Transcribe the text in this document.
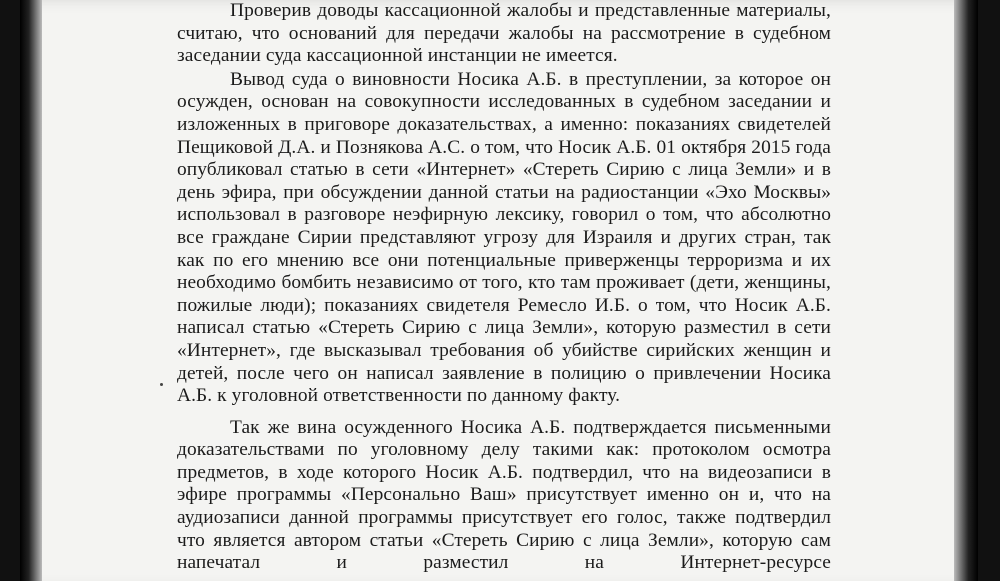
Проверив доводы кассационной жалобы и представленные материалы, считаю, что оснований для передачи жалобы на рассмотрение в судебном заседании суда кассационной инстанции не имеется.

Вывод суда о виновности Носика А.Б. в преступлении, за которое он осужден, основан на совокупности исследованных в судебном заседании и изложенных в приговоре доказательствах, а именно: показаниях свидетелей Пещиковой Д.А. и Познякова А.С. о том, что Носик А.Б. 01 октября 2015 года опубликовал статью в сети «Интернет» «Стереть Сирию с лица Земли» и в день эфира, при обсуждении данной статьи на радиостанции «Эхо Москвы» использовал в разговоре неэфирную лексику, говорил о том, что абсолютно все граждане Сирии представляют угрозу для Израиля и других стран, так как по его мнению все они потенциальные приверженцы терроризма и их необходимо бомбить независимо от того, кто там проживает (дети, женщины, пожилые люди); показаниях свидетеля Ремесло И.Б. о том, что Носик А.Б. написал статью «Стереть Сирию с лица Земли», которую разместил в сети «Интернет», где высказывал требования об убийстве сирийских женщин и детей, после чего он написал заявление в полицию о привлечении Носика А.Б. к уголовной ответственности по данному факту.

Так же вина осужденного Носика А.Б. подтверждается письменными доказательствами по уголовному делу такими как: протоколом осмотра предметов, в ходе которого Носик А.Б. подтвердил, что на видеозаписи в эфире программы «Персонально Ваш» присутствует именно он и, что на аудиозаписи данной программы присутствует его голос, также подтвердил что является автором статьи «Стереть Сирию с лица Земли», которую сам напечатал и разместил на Интернет-ресурсе
